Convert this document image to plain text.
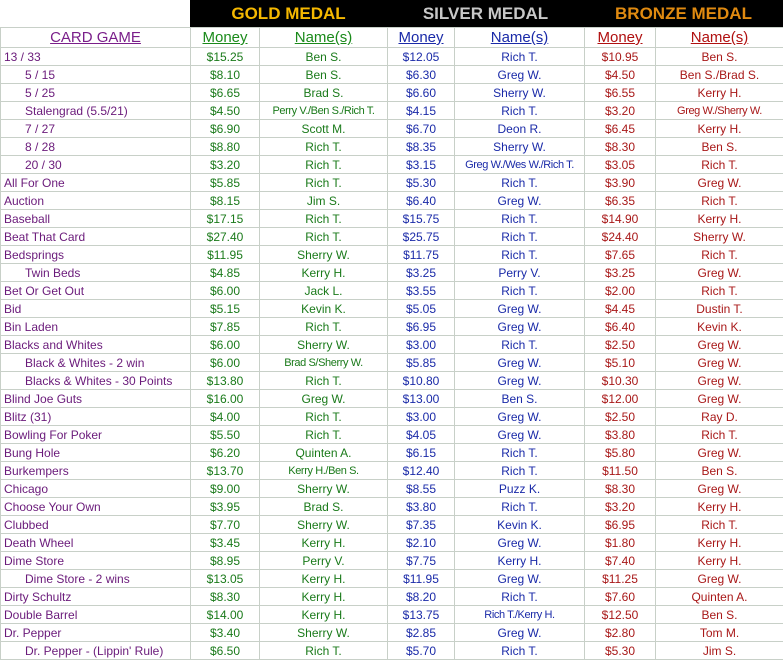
GOLD MEDAL	SILVER MEDAL	BRONZE MEDAL
CARD GAME	Money	Name(s)	Money	Name(s)	Money	Name(s)
13 / 33	$15.25	Ben S.	$12.05	Rich T.	$10.95	Ben S.
5 / 15	$8.10	Ben S.	$6.30	Greg W.	$4.50	Ben S./Brad S.
5 / 25	$6.65	Brad S.	$6.60	Sherry W.	$6.55	Kerry H.
Stalengrad (5.5/21)	$4.50	Perry V./Ben S./Rich T.	$4.15	Rich T.	$3.20	Greg W./Sherry W.
7 / 27	$6.90	Scott M.	$6.70	Deon R.	$6.45	Kerry H.
8 / 28	$8.80	Rich T.	$8.35	Sherry W.	$8.30	Ben S.
20 / 30	$3.20	Rich T.	$3.15	Greg W./Wes W./Rich T.	$3.05	Rich T.
All For One	$5.85	Rich T.	$5.30	Rich T.	$3.90	Greg W.
Auction	$8.15	Jim S.	$6.40	Greg W.	$6.35	Rich T.
Baseball	$17.15	Rich T.	$15.75	Rich T.	$14.90	Kerry H.
Beat That Card	$27.40	Rich T.	$25.75	Rich T.	$24.40	Sherry W.
Bedsprings	$11.95	Sherry W.	$11.75	Rich T.	$7.65	Rich T.
Twin Beds	$4.85	Kerry H.	$3.25	Perry V.	$3.25	Greg W.
Bet Or Get Out	$6.00	Jack L.	$3.55	Rich T.	$2.00	Rich T.
Bid	$5.15	Kevin K.	$5.05	Greg W.	$4.45	Dustin T.
Bin Laden	$7.85	Rich T.	$6.95	Greg W.	$6.40	Kevin K.
Blacks and Whites	$6.00	Sherry W.	$3.00	Rich T.	$2.50	Greg W.
Black & Whites - 2 win	$6.00	Brad S/Sherry W.	$5.85	Greg W.	$5.10	Greg W.
Blacks & Whites - 30 Points	$13.80	Rich T.	$10.80	Greg W.	$10.30	Greg W.
Blind Joe Guts	$16.00	Greg W.	$13.00	Ben S.	$12.00	Greg W.
Blitz (31)	$4.00	Rich T.	$3.00	Greg W.	$2.50	Ray D.
Bowling For Poker	$5.50	Rich T.	$4.05	Greg W.	$3.80	Rich T.
Bung Hole	$6.20	Quinten A.	$6.15	Rich T.	$5.80	Greg W.
Burkempers	$13.70	Kerry H./Ben S.	$12.40	Rich T.	$11.50	Ben S.
Chicago	$9.00	Sherry W.	$8.55	Puzz K.	$8.30	Greg W.
Choose Your Own	$3.95	Brad S.	$3.80	Rich T.	$3.20	Kerry H.
Clubbed	$7.70	Sherry W.	$7.35	Kevin K.	$6.95	Rich T.
Death Wheel	$3.45	Kerry H.	$2.10	Greg W.	$1.80	Kerry H.
Dime Store	$8.95	Perry V.	$7.75	Kerry H.	$7.40	Kerry H.
Dime Store - 2 wins	$13.05	Kerry H.	$11.95	Greg W.	$11.25	Greg W.
Dirty Schultz	$8.30	Kerry H.	$8.20	Rich T.	$7.60	Quinten A.
Double Barrel	$14.00	Kerry H.	$13.75	Rich T./Kerry H.	$12.50	Ben S.
Dr. Pepper	$3.40	Sherry W.	$2.85	Greg W.	$2.80	Tom M.
Dr. Pepper - (Lippin' Rule)	$6.50	Rich T.	$5.70	Rich T.	$5.30	Jim S.
